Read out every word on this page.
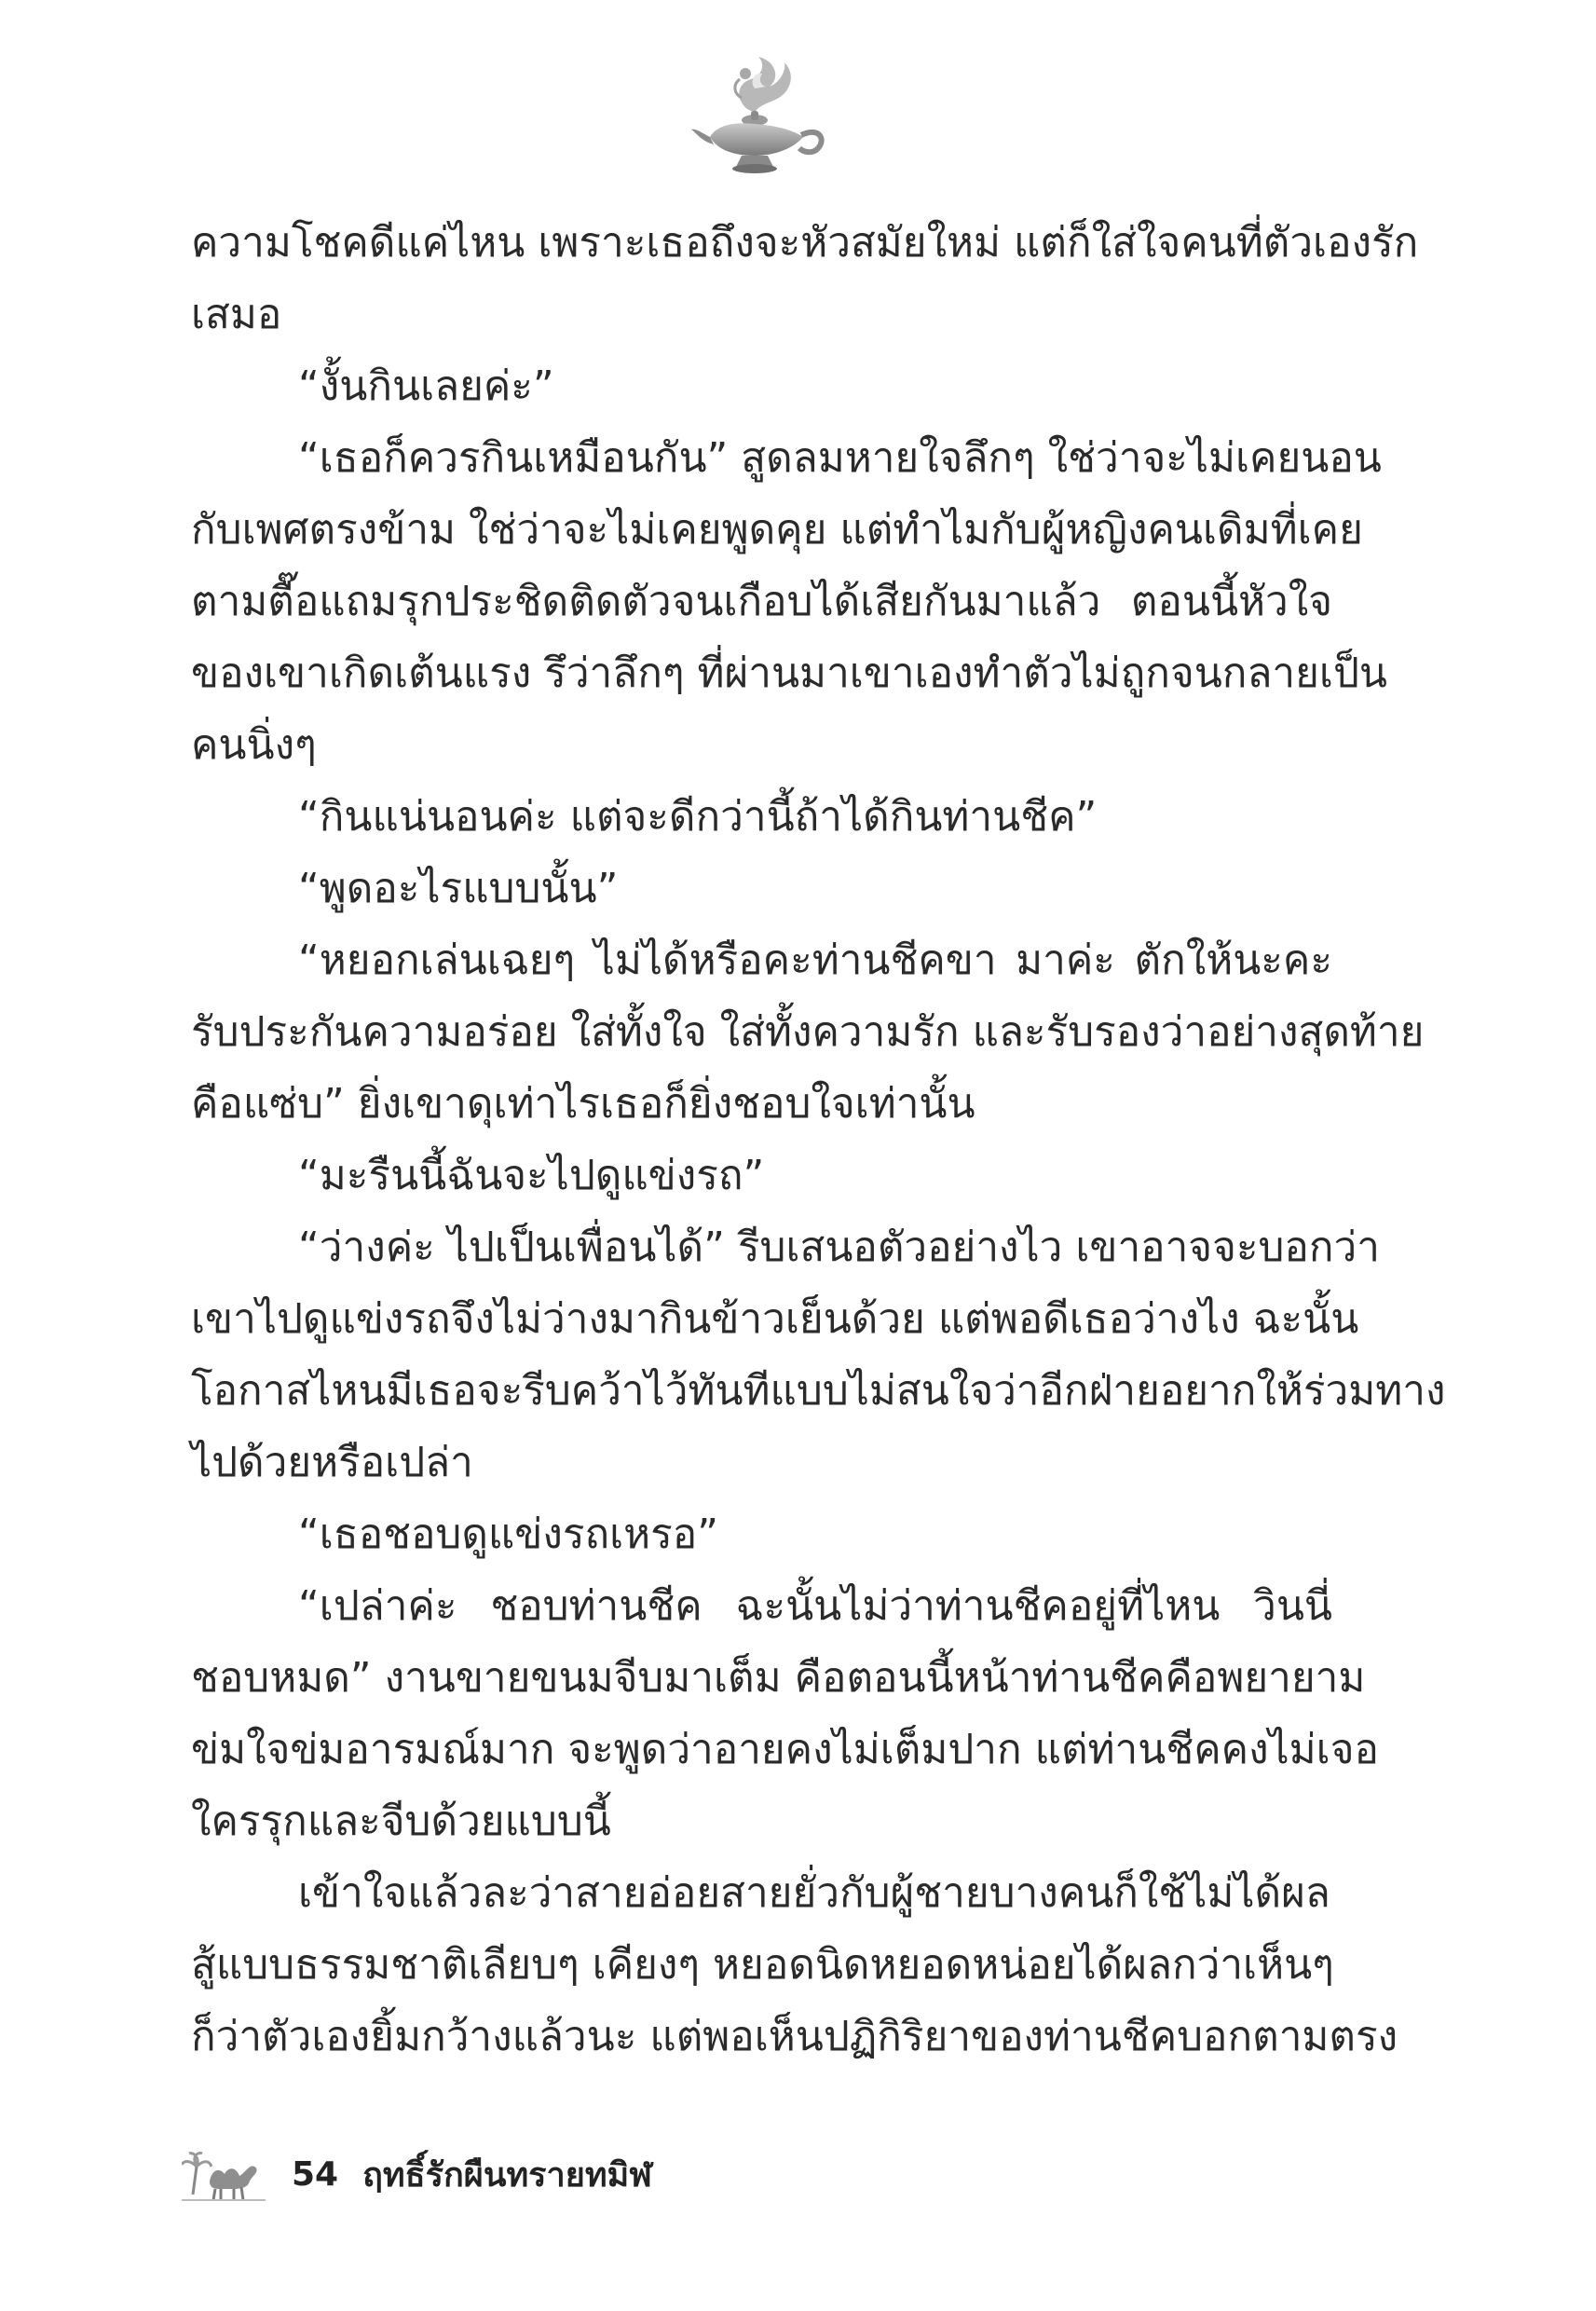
ความโชคดีแค่ไหน เพราะเธอถึงจะหัวสมัยใหม่ แต่ก็ใส่ใจคนที่ตัวเองรัก
เสมอ
“งั้นกินเลยค่ะ”
“เธอก็ควรกินเหมือนกัน” สูดลมหายใจลึกๆ ใช่ว่าจะไม่เคยนอน
กับเพศตรงข้าม ใช่ว่าจะไม่เคยพูดคุย แต่ทำไมกับผู้หญิงคนเดิมที่เคย
ตามตื๊อแถมรุกประชิดติดตัวจนเกือบได้เสียกันมาแล้ว ตอนนี้หัวใจ
ของเขาเกิดเต้นแรง รึว่าลึกๆ ที่ผ่านมาเขาเองทำตัวไม่ถูกจนกลายเป็น
คนนิ่งๆ
“กินแน่นอนค่ะ แต่จะดีกว่านี้ถ้าได้กินท่านชีค”
“พูดอะไรแบบนั้น”
“หยอกเล่นเฉยๆ ไม่ได้หรือคะท่านชีคขา มาค่ะ ตักให้นะคะ
รับประกันความอร่อย ใส่ทั้งใจ ใส่ทั้งความรัก และรับรองว่าอย่างสุดท้าย
คือแซ่บ” ยิ่งเขาดุเท่าไรเธอก็ยิ่งชอบใจเท่านั้น
“มะรืนนี้ฉันจะไปดูแข่งรถ”
“ว่างค่ะ ไปเป็นเพื่อนได้” รีบเสนอตัวอย่างไว เขาอาจจะบอกว่า
เขาไปดูแข่งรถจึงไม่ว่างมากินข้าวเย็นด้วย แต่พอดีเธอว่างไง ฉะนั้น
โอกาสไหนมีเธอจะรีบคว้าไว้ทันทีแบบไม่สนใจว่าอีกฝ่ายอยากให้ร่วมทาง
ไปด้วยหรือเปล่า
“เธอชอบดูแข่งรถเหรอ”
“เปล่าค่ะ ชอบท่านชีค ฉะนั้นไม่ว่าท่านชีคอยู่ที่ไหน วินนี่
ชอบหมด” งานขายขนมจีบมาเต็ม คือตอนนี้หน้าท่านชีคคือพยายาม
ข่มใจข่มอารมณ์มาก จะพูดว่าอายคงไม่เต็มปาก แต่ท่านชีคคงไม่เจอ
ใครรุกและจีบด้วยแบบนี้
เข้าใจแล้วละว่าสายอ่อยสายยั่วกับผู้ชายบางคนก็ใช้ไม่ได้ผล
สู้แบบธรรมชาติเลียบๆ เคียงๆ หยอดนิดหยอดหน่อยได้ผลกว่าเห็นๆ
ก็ว่าตัวเองยิ้มกว้างแล้วนะ แต่พอเห็นปฏิกิริยาของท่านชีคบอกตามตรง
54 ฤทธิ์รักผืนทรายทมิฬ
